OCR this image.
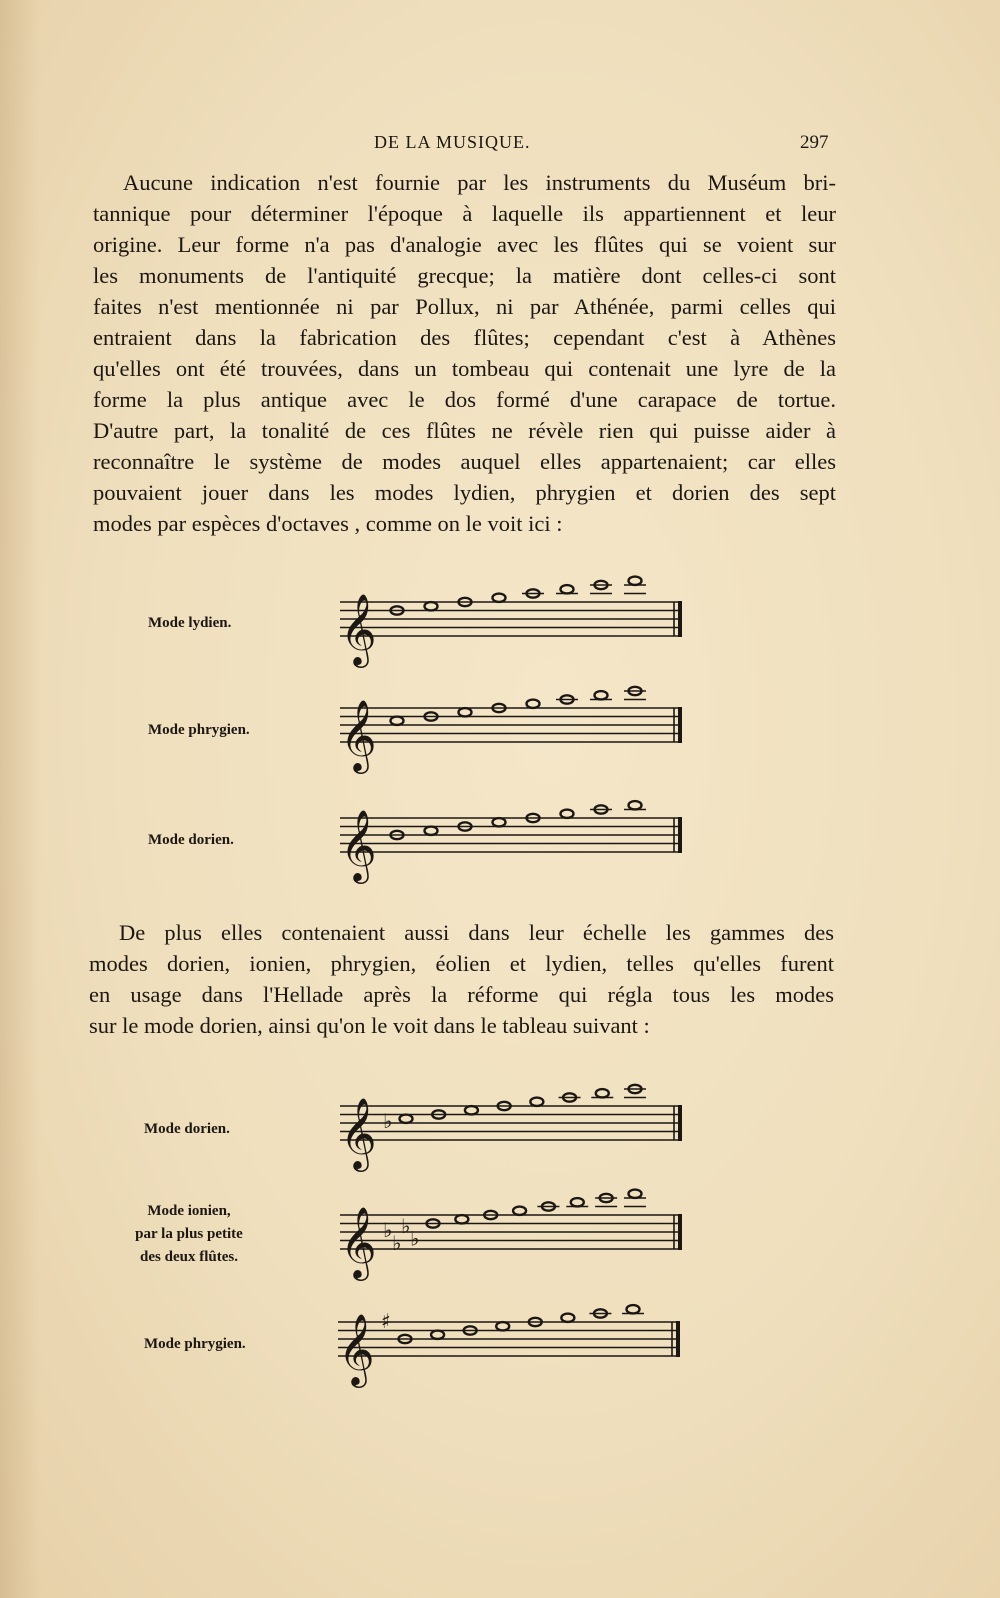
DE LA MUSIQUE.	297
Aucune indication n'est fournie par les instruments du Muséum bri-
tannique pour déterminer l'époque à laquelle ils appartiennent et leur
origine. Leur forme n'a pas d'analogie avec les flûtes qui se voient sur
les monuments de l'antiquité grecque; la matière dont celles-ci sont
faites n'est mentionnée ni par Pollux, ni par Athénée, parmi celles qui
entraient dans la fabrication des flûtes; cependant c'est à Athènes
qu'elles ont été trouvées, dans un tombeau qui contenait une lyre de la
forme la plus antique avec le dos formé d'une carapace de tortue.
D'autre part, la tonalité de ces flûtes ne révèle rien qui puisse aider à
reconnaître le système de modes auquel elles appartenaient; car elles
pouvaient jouer dans les modes lydien, phrygien et dorien des sept
modes par espèces d'octaves , comme on le voit ici :
Mode lydien. 𝄞
Mode phrygien. 𝄞
Mode dorien. 𝄞
De plus elles contenaient aussi dans leur échelle les gammes des
modes dorien, ionien, phrygien, éolien et lydien, telles qu'elles furent
en usage dans l'Hellade après la réforme qui régla tous les modes
sur le mode dorien, ainsi qu'on le voit dans le tableau suivant :
Mode dorien. 𝄞 ♭
Mode ionien,
par la plus petite
des deux flûtes. 𝄞 ♭
♭
♭
♭
Mode phrygien. 𝄞 ♯
